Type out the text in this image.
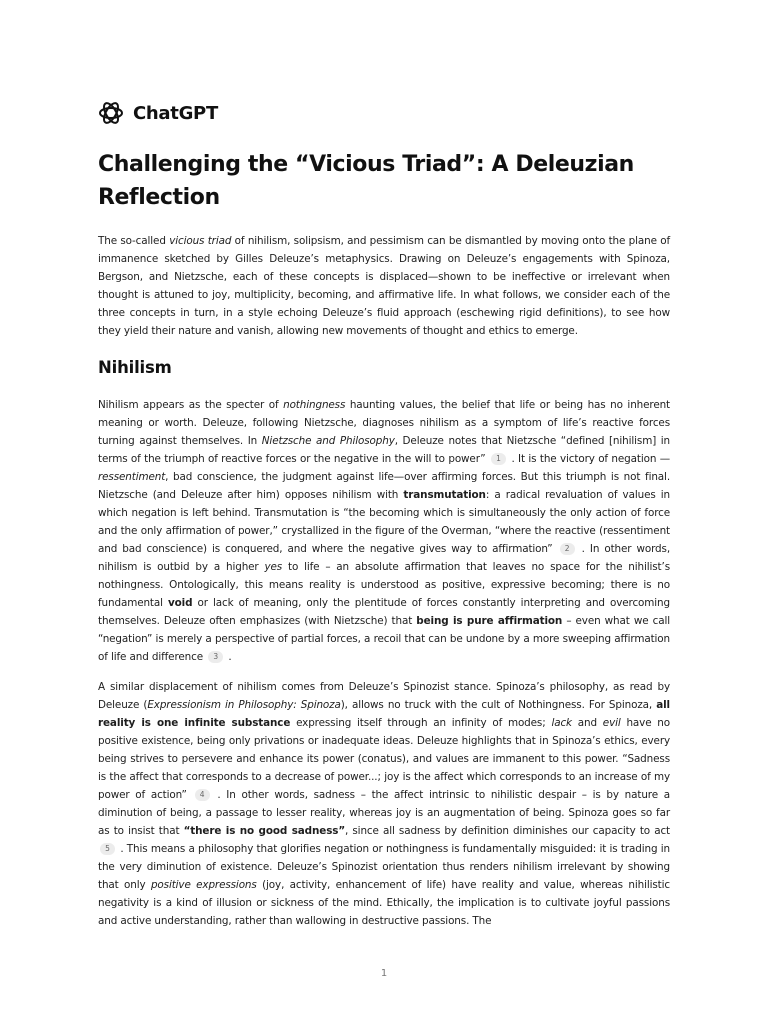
ChatGPT
Challenging the “Vicious Triad”: A Deleuzian Reflection

The so-called vicious triad of nihilism, solipsism, and pessimism can be dismantled by moving onto the plane of immanence sketched by Gilles Deleuze’s metaphysics. Drawing on Deleuze’s engagements with Spinoza, Bergson, and Nietzsche, each of these concepts is displaced—shown to be ineffective or irrelevant when thought is attuned to joy, multiplicity, becoming, and affirmative life. In what follows, we consider each of the three concepts in turn, in a style echoing Deleuze’s fluid approach (eschewing rigid definitions), to see how they yield their nature and vanish, allowing new movements of thought and ethics to emerge.

Nihilism

Nihilism appears as the specter of nothingness haunting values, the belief that life or being has no inherent meaning or worth. Deleuze, following Nietzsche, diagnoses nihilism as a symptom of life’s reactive forces turning against themselves. In Nietzsche and Philosophy, Deleuze notes that Nietzsche “defined [nihilism] in terms of the triumph of reactive forces or the negative in the will to power” 1 . It is the victory of negation —ressentiment, bad conscience, the judgment against life—over affirming forces. But this triumph is not final. Nietzsche (and Deleuze after him) opposes nihilism with transmutation: a radical revaluation of values in which negation is left behind. Transmutation is “the becoming which is simultaneously the only action of force and the only affirmation of power,” crystallized in the figure of the Overman, “where the reactive (ressentiment and bad conscience) is conquered, and where the negative gives way to affirmation” 2 . In other words, nihilism is outbid by a higher yes to life – an absolute affirmation that leaves no space for the nihilist’s nothingness. Ontologically, this means reality is understood as positive, expressive becoming; there is no fundamental void or lack of meaning, only the plentitude of forces constantly interpreting and overcoming themselves. Deleuze often emphasizes (with Nietzsche) that being is pure affirmation – even what we call “negation” is merely a perspective of partial forces, a recoil that can be undone by a more sweeping affirmation of life and difference 3 .

A similar displacement of nihilism comes from Deleuze’s Spinozist stance. Spinoza’s philosophy, as read by Deleuze (Expressionism in Philosophy: Spinoza), allows no truck with the cult of Nothingness. For Spinoza, all reality is one infinite substance expressing itself through an infinity of modes; lack and evil have no positive existence, being only privations or inadequate ideas. Deleuze highlights that in Spinoza’s ethics, every being strives to persevere and enhance its power (conatus), and values are immanent to this power. “Sadness is the affect that corresponds to a decrease of power...; joy is the affect which corresponds to an increase of my power of action” 4 . In other words, sadness – the affect intrinsic to nihilistic despair – is by nature a diminution of being, a passage to lesser reality, whereas joy is an augmentation of being. Spinoza goes so far as to insist that “there is no good sadness”, since all sadness by definition diminishes our capacity to act 5 . This means a philosophy that glorifies negation or nothingness is fundamentally misguided: it is trading in the very diminution of existence. Deleuze’s Spinozist orientation thus renders nihilism irrelevant by showing that only positive expressions (joy, activity, enhancement of life) have reality and value, whereas nihilistic negativity is a kind of illusion or sickness of the mind. Ethically, the implication is to cultivate joyful passions and active understanding, rather than wallowing in destructive passions. The

1
